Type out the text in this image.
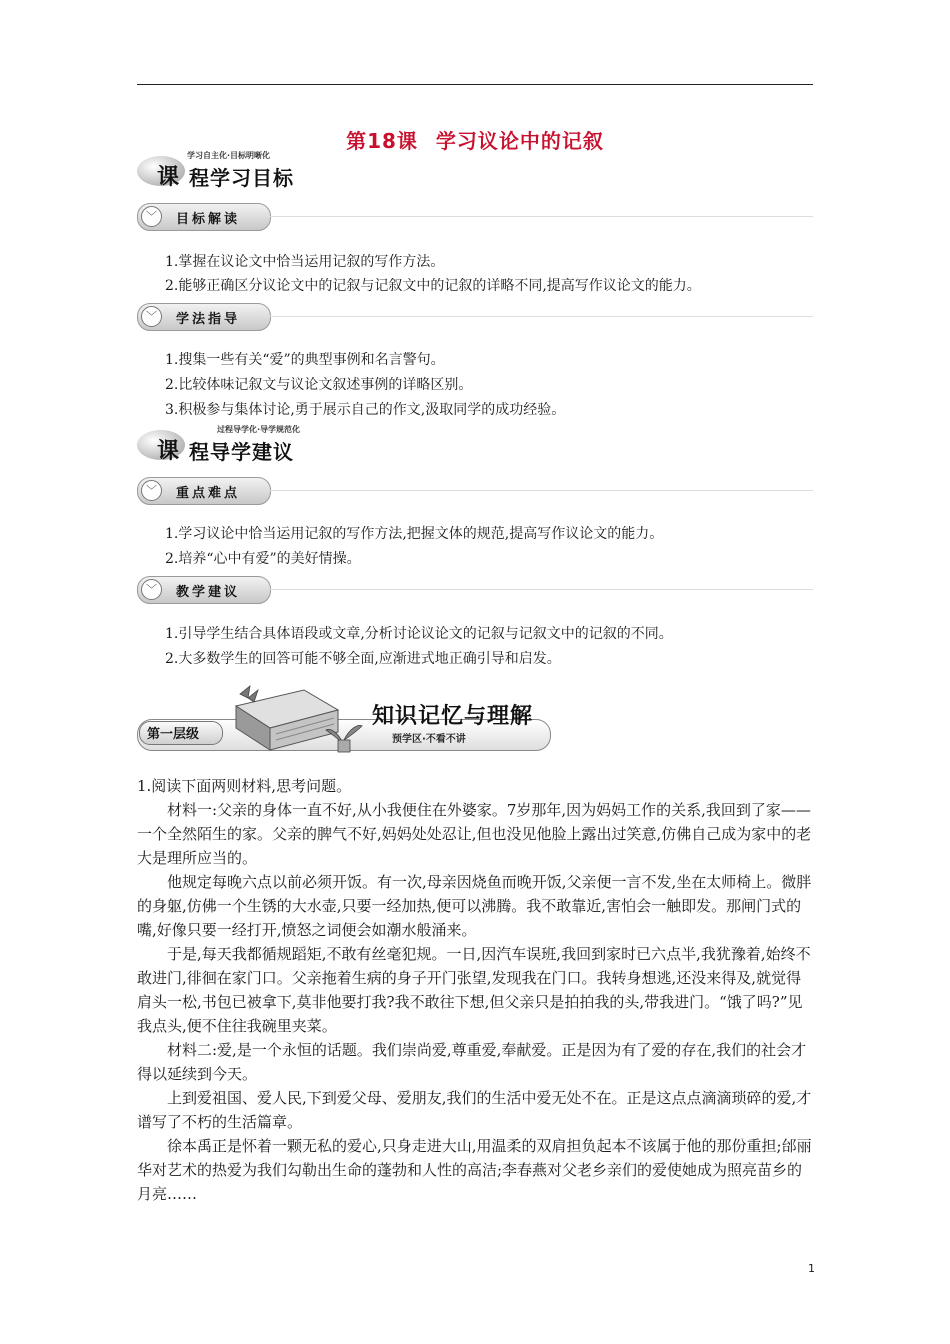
第18课 学习议论中的记叙
学习自主化·目标明晰化
课 程学习目标
﹀	目标解读
1.掌握在议论文中恰当运用记叙的写作方法。
2.能够正确区分议论文中的记叙与记叙文中的记叙的详略不同,提高写作议论文的能力。
﹀	学法指导
1.搜集一些有关“爱”的典型事例和名言警句。
2.比较体味记叙文与议论文叙述事例的详略区别。
3.积极参与集体讨论,勇于展示自己的作文,汲取同学的成功经验。
过程导学化·导学规范化
课 程导学建议
﹀	重点难点
1.学习议论中恰当运用记叙的写作方法,把握文体的规范,提高写作议论文的能力。
2.培养“心中有爱”的美好情操。
﹀	教学建议
1.引导学生结合具体语段或文章,分析讨论议论文的记叙与记叙文中的记叙的不同。
2.大多数学生的回答可能不够全面,应渐进式地正确引导和启发。
第一层级
知识记忆与理解
预学区·不看不讲
1.阅读下面两则材料,思考问题。

材料一:父亲的身体一直不好,从小我便住在外婆家。7岁那年,因为妈妈工作的关系,我回到了家——一个全然陌生的家。父亲的脾气不好,妈妈处处忍让,但也没见他脸上露出过笑意,仿佛自己成为家中的老大是理所应当的。

他规定每晚六点以前必须开饭。有一次,母亲因烧鱼而晚开饭,父亲便一言不发,坐在太师椅上。微胖的身躯,仿佛一个生锈的大水壶,只要一经加热,便可以沸腾。我不敢靠近,害怕会一触即发。那闸门式的嘴,好像只要一经打开,愤怒之词便会如潮水般涌来。

于是,每天我都循规蹈矩,不敢有丝毫犯规。一日,因汽车误班,我回到家时已六点半,我犹豫着,始终不敢进门,徘徊在家门口。父亲拖着生病的身子开门张望,发现我在门口。我转身想逃,还没来得及,就觉得肩头一松,书包已被拿下,莫非他要打我?我不敢往下想,但父亲只是拍拍我的头,带我进门。“饿了吗?”见我点头,便不住往我碗里夹菜。

材料二:爱,是一个永恒的话题。我们崇尚爱,尊重爱,奉献爱。正是因为有了爱的存在,我们的社会才得以延续到今天。

上到爱祖国、爱人民,下到爱父母、爱朋友,我们的生活中爱无处不在。正是这点点滴滴琐碎的爱,才谱写了不朽的生活篇章。

徐本禹正是怀着一颗无私的爱心,只身走进大山,用温柔的双肩担负起本不该属于他的那份重担;邰丽华对艺术的热爱为我们勾勒出生命的蓬勃和人性的高洁;李春燕对父老乡亲们的爱使她成为照亮苗乡的月亮……

1
